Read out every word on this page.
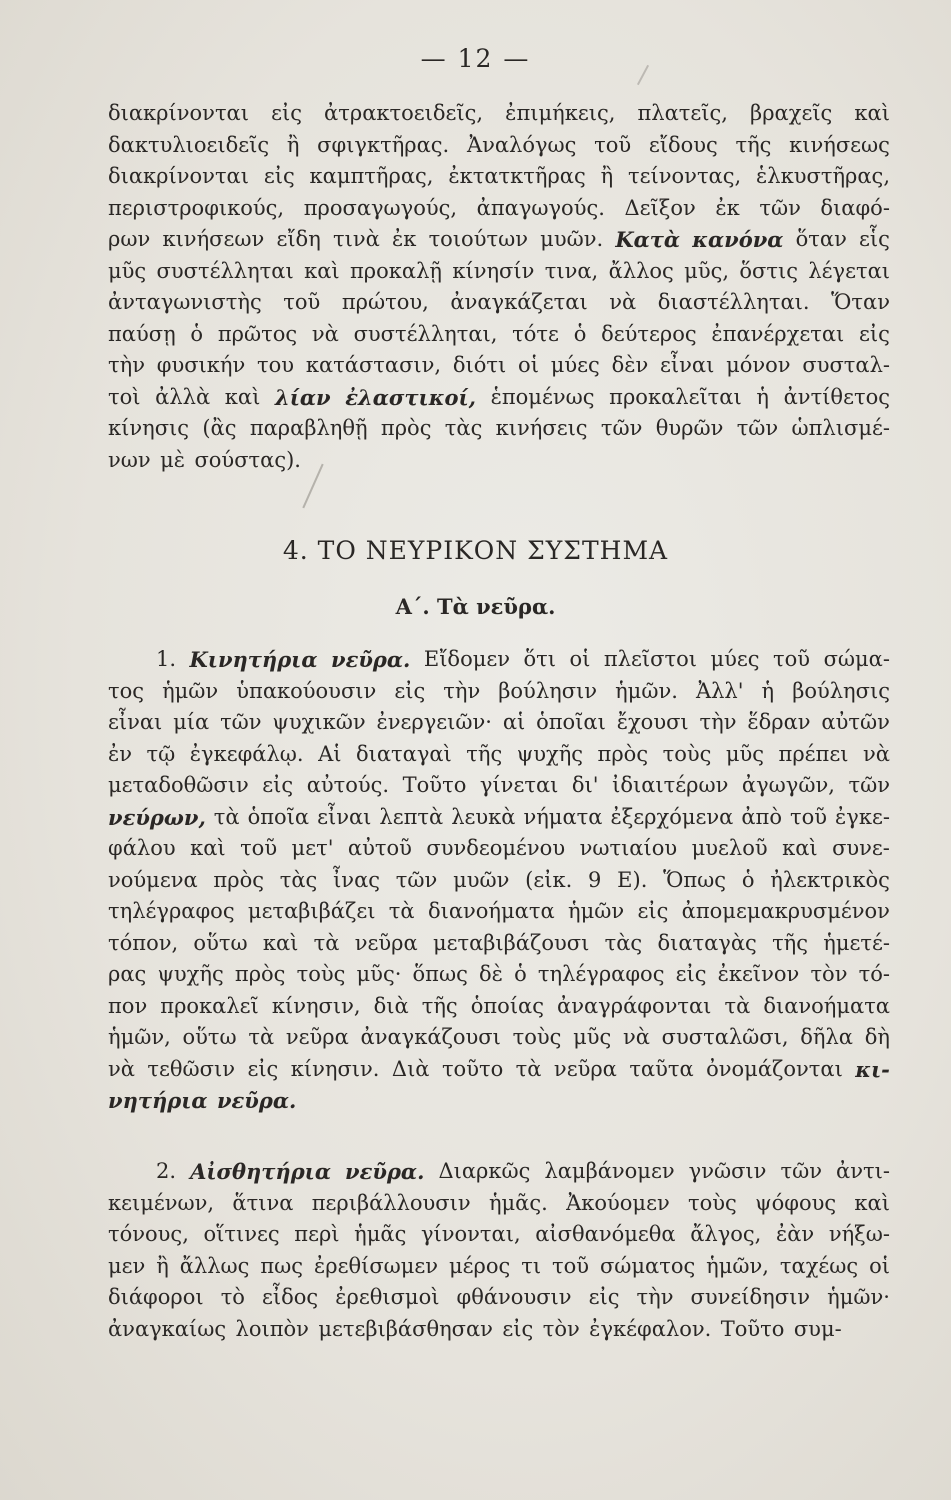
— 12 —
διακρίνονται εἰς ἀτρακτοειδεῖς, ἐπιμήκεις, πλατεῖς, βραχεῖς καὶ
δακτυλιοειδεῖς ἢ σφιγκτῆρας. Ἀναλόγως τοῦ εἴδους τῆς κινήσεως
διακρίνονται εἰς καμπτῆρας, ἐκτατκτῆρας ἢ τείνοντας, ἑλκυστῆρας,
περιστροφικούς, προσαγωγούς, ἀπαγωγούς. Δεῖξον ἐκ τῶν διαφό-
ρων κινήσεων εἴδη τινὰ ἐκ τοιούτων μυῶν. Κατὰ κανόνα ὅταν εἷς
μῦς συστέλληται καὶ προκαλῇ κίνησίν τινα, ἄλλος μῦς, ὅστις λέγεται
ἀνταγωνιστὴς τοῦ πρώτου, ἀναγκάζεται νὰ διαστέλληται. Ὅταν
παύσῃ ὁ πρῶτος νὰ συστέλληται, τότε ὁ δεύτερος ἐπανέρχεται εἰς
τὴν φυσικήν του κατάστασιν, διότι οἱ μύες δὲν εἶναι μόνον συσταλ-
τοὶ ἀλλὰ καὶ λίαν ἐλαστικοί, ἑπομένως προκαλεῖται ἡ ἀντίθετος
κίνησις (ἂς παραβληθῇ πρὸς τὰς κινήσεις τῶν θυρῶν τῶν ὡπλισμέ-
νων μὲ σούστας).
4. ΤΟ ΝΕΥΡΙΚΟΝ ΣΥΣΤΗΜΑ
Α΄. Τὰ νεῦρα.
1. Κινητήρια νεῦρα. Εἴδομεν ὅτι οἱ πλεῖστοι μύες τοῦ σώμα-
τος ἡμῶν ὑπακούουσιν εἰς τὴν βούλησιν ἡμῶν. Ἀλλ' ἡ βούλησις
εἶναι μία τῶν ψυχικῶν ἐνεργειῶν· αἱ ὁποῖαι ἔχουσι τὴν ἕδραν αὐτῶν
ἐν τῷ ἐγκεφάλῳ. Αἱ διαταγαὶ τῆς ψυχῆς πρὸς τοὺς μῦς πρέπει νὰ
μεταδοθῶσιν εἰς αὐτούς. Τοῦτο γίνεται δι' ἰδιαιτέρων ἀγωγῶν, τῶν
νεύρων, τὰ ὁποῖα εἶναι λεπτὰ λευκὰ νήματα ἐξερχόμενα ἀπὸ τοῦ ἐγκε-
φάλου καὶ τοῦ μετ' αὐτοῦ συνδεομένου νωτιαίου μυελοῦ καὶ συνε-
νούμενα πρὸς τὰς ἶνας τῶν μυῶν (εἰκ. 9 Ε). Ὅπως ὁ ἠλεκτρικὸς
τηλέγραφος μεταβιβάζει τὰ διανοήματα ἡμῶν εἰς ἀπομεμακρυσμένον
τόπον, οὕτω καὶ τὰ νεῦρα μεταβιβάζουσι τὰς διαταγὰς τῆς ἡμετέ-
ρας ψυχῆς πρὸς τοὺς μῦς· ὅπως δὲ ὁ τηλέγραφος εἰς ἐκεῖνον τὸν τό-
πον προκαλεῖ κίνησιν, διὰ τῆς ὁποίας ἀναγράφονται τὰ διανοήματα
ἡμῶν, οὕτω τὰ νεῦρα ἀναγκάζουσι τοὺς μῦς νὰ συσταλῶσι, δῆλα δὴ
νὰ τεθῶσιν εἰς κίνησιν. Διὰ τοῦτο τὰ νεῦρα ταῦτα ὀνομάζονται κι-
νητήρια νεῦρα.
2. Αἰσθητήρια νεῦρα. Διαρκῶς λαμβάνομεν γνῶσιν τῶν ἀντι-
κειμένων, ἅτινα περιβάλλουσιν ἡμᾶς. Ἀκούομεν τοὺς ψόφους καὶ
τόνους, οἵτινες περὶ ἡμᾶς γίνονται, αἰσθανόμεθα ἄλγος, ἐὰν νήξω-
μεν ἢ ἄλλως πως ἐρεθίσωμεν μέρος τι τοῦ σώματος ἡμῶν, ταχέως οἱ
διάφοροι τὸ εἶδος ἐρεθισμοὶ φθάνουσιν εἰς τὴν συνείδησιν ἡμῶν·
ἀναγκαίως λοιπὸν μετεβιβάσθησαν εἰς τὸν ἐγκέφαλον. Τοῦτο συμ-
